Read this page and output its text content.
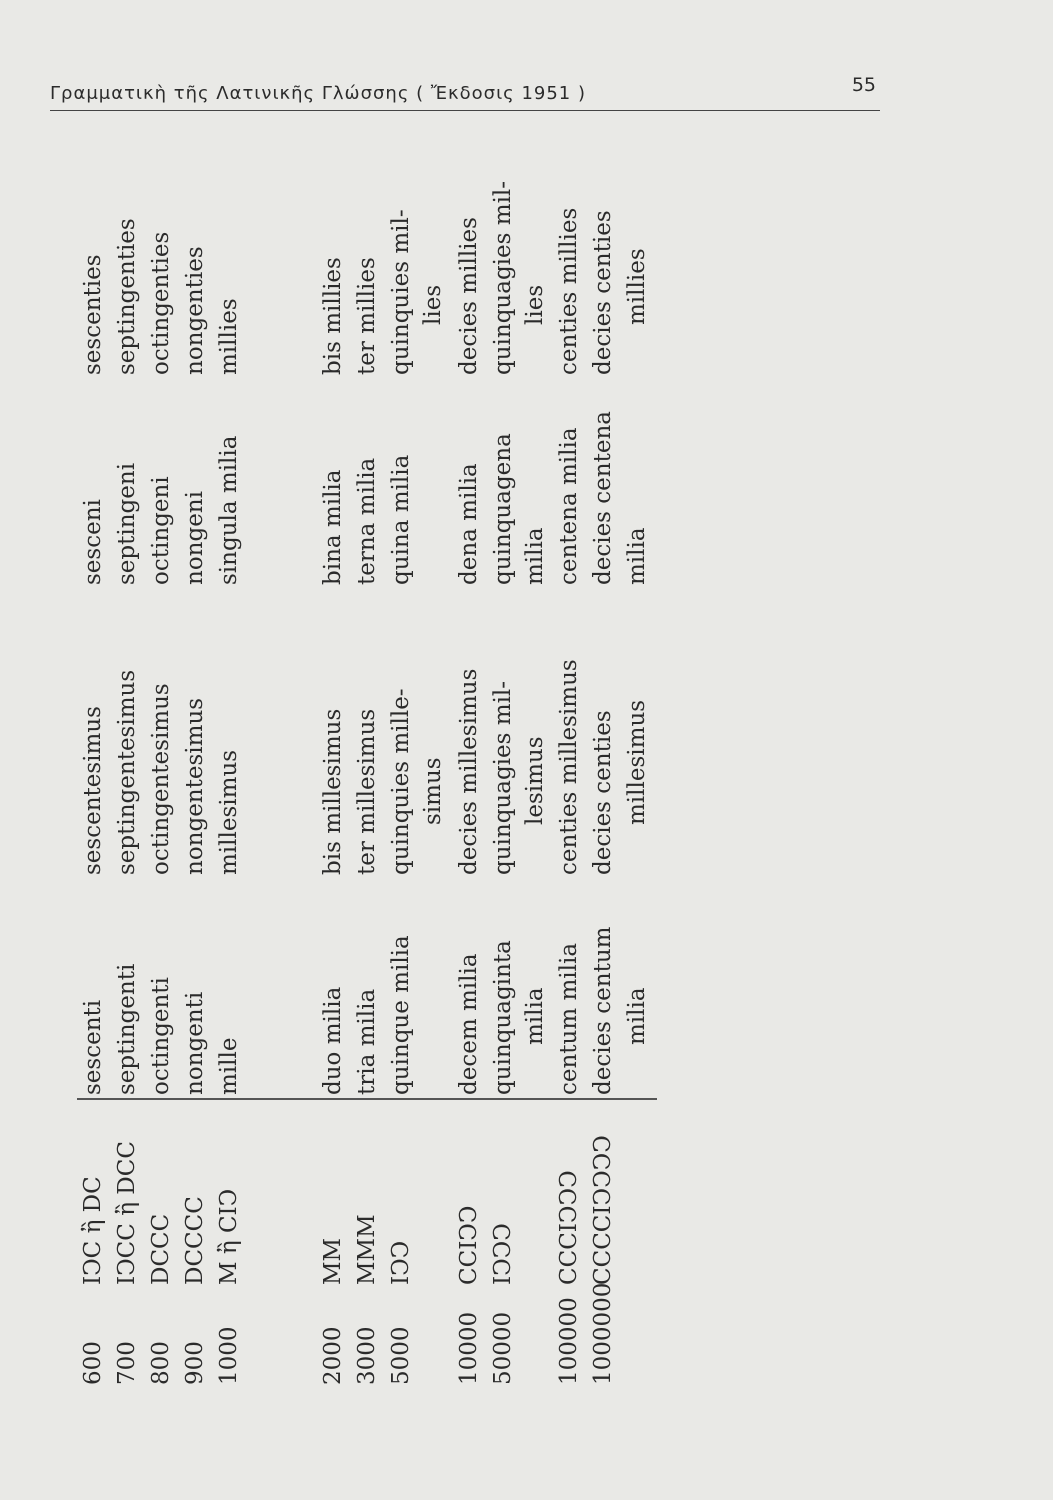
Γραμματικὴ τῆς Λατινικῆς Γλώσσης ( Ἔκδοσις 1951 )	55
600
IↃC ἢ DC
sescenti
sescentesimus
sesceni
sescenties
700
IↃCC ἢ DCC
septingenti
septingentesimus
septingeni
septingenties
800
DCCC
octingenti
octingentesimus
octingeni
octingenties
900
DCCCC
nongenti
nongentesimus
nongeni
nongenties
1000
M ἢ CIↃ
mille
millesimus
singula milia
millies
2000
MM
duo milia
bis millesimus
bina milia
bis millies
3000
MMM
tria milia
ter millesimus
terna milia
ter millies
5000
IↃↃ
quinque milia
quinquies mille-
quina milia
quinquies mil-
simus
lies
10000
CCIↃↃ
decem milia
decies millesimus
dena milia
decies millies
50000
IↃↃↃ
quinquaginta
quinquagies mil-
quinquagena
quinquagies mil-
milia
lesimus
milia
lies
100000
CCCIↃↃↃ
centum milia
centies millesimus
centena milia
centies millies
1000000
CCCCIↃↃↃↃ
decies centum
decies centies
decies centena
decies centies
milia
millesimus
milia
millies
